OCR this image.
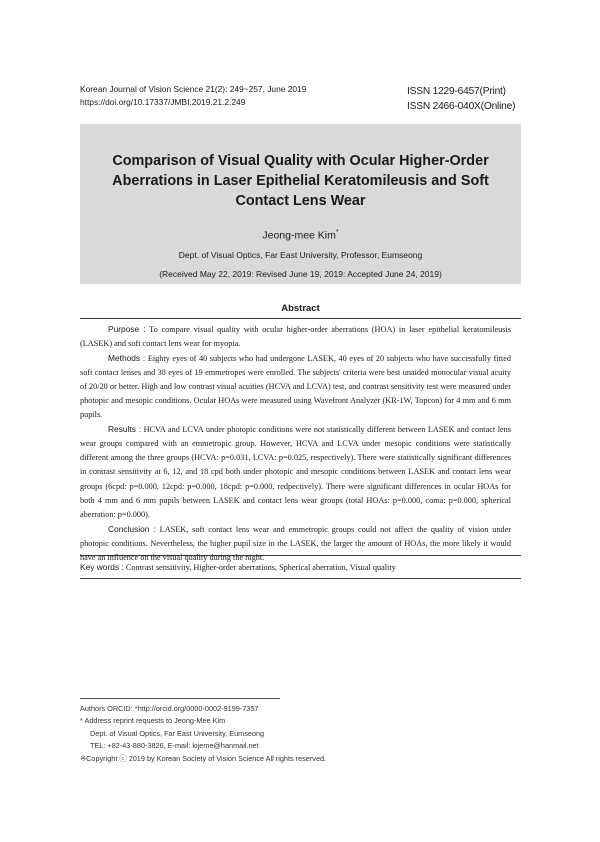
Korean Journal of Vision Science 21(2): 249~257, June 2019
https://doi.org/10.17337/JMBI.2019.21.2.249
ISSN 1229-6457(Print)
ISSN 2466-040X(Online)
Comparison of Visual Quality with Ocular Higher-Order Aberrations in Laser Epithelial Keratomileusis and Soft Contact Lens Wear
Jeong-mee Kim*
Dept. of Visual Optics, Far East University, Professor, Eumseong
(Received May 22, 2019: Revised June 19, 2019: Accepted June 24, 2019)
Abstract

Purpose : To compare visual quality with ocular higher-order aberrations (HOA) in laser epithelial keratomileusis (LASEK) and soft contact lens wear for myopia.

Methods : Eighty eyes of 40 subjects who had undergone LASEK, 40 eyes of 20 subjects who have successfully fitted soft contact lenses and 38 eyes of 19 emmetropes were enrolled. The subjects' criteria were best unaided monocular visual acuity of 20/20 or better. High and low contrast visual acuities (HCVA and LCVA) test, and contrast sensitivity test were measured under photopic and mesopic conditions. Ocular HOAs were measured using Wavefront Analyzer (KR-1W, Topcon) for 4 mm and 6 mm pupils.

Results : HCVA and LCVA under photopic conditions were not statistically different between LASEK and contact lens wear groups compared with an emmetropic group. However, HCVA and LCVA under mesopic conditions were statistically different among the three groups (HCVA: p=0.031, LCVA: p=0.025, respectively). There were statistically significant differences in contrast sensitivity at 6, 12, and 18 cpd both under photopic and mesopic conditions between LASEK and contact lens wear groups (6cpd: p=0.000, 12cpd: p=0.000, 18cpd: p=0.000, redpectively). There were significant differences in ocular HOAs for both 4 mm and 6 mm pupils between LASEK and contact lens wear groups (total HOAs: p=0.000, coma: p=0.000, spherical aberration: p=0.000).

Conclusion : LASEK, soft contact lens wear and emmetropic groups could not affect the quality of vision under photopic conditions. Nevertheless, the higher pupil size in the LASEK, the larger the amount of HOAs, the more likely it would have an influence on the visual quality during the night.

Key words : Contrast sensitivity, Higher-order aberrations, Spherical aberration, Visual quality
Authors ORCID: *http://orcid.org/0000-0002-9199-7357
* Address reprint requests to Jeong-Mee Kim
Dept. of Visual Optics, Far East University, Eumseong
TEL: +82-43-880-3826, E-mail: kijeme@hanmail.net
※Copyright ⓒ 2019 by Korean Society of Vision Science All rights reserved.
